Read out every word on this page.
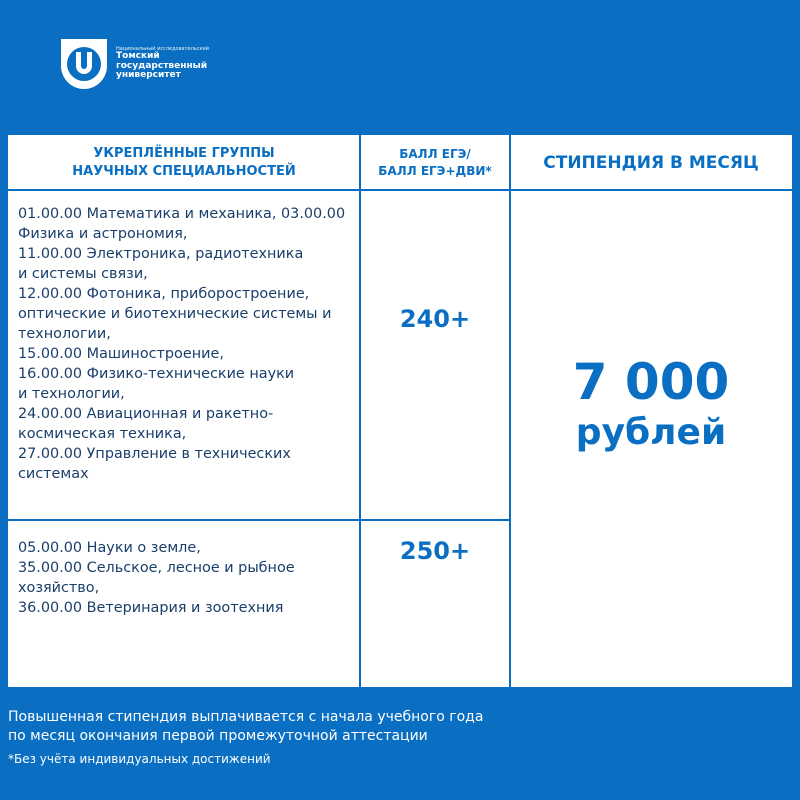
Национальный исследовательский
Томский
государственный
университет
УКРЕПЛЁННЫЕ ГРУППЫ
НАУЧНЫХ СПЕЦИАЛЬНОСТЕЙ
БАЛЛ ЕГЭ/
БАЛЛ ЕГЭ+ДВИ*	СТИПЕНДИЯ В МЕСЯЦ
01.00.00 Математика и механика, 03.00.00
Физика и астрономия,
11.00.00 Электроника, радиотехника
и системы связи,
12.00.00 Фотоника, приборостроение,
оптические и биотехнические системы и
технологии,
15.00.00 Машиностроение,
16.00.00 Физико-технические науки
и технологии,
24.00.00 Авиационная и ракетно-
космическая техника,
27.00.00 Управление в технических
системах
240+
05.00.00 Науки о земле,
35.00.00 Сельское, лесное и рыбное
хозяйство,
36.00.00 Ветеринария и зоотехния
250+
7 000
рублей
Повышенная стипендия выплачивается с начала учебного года
по месяц окончания первой промежуточной аттестации
*Без учёта индивидуальных достижений
